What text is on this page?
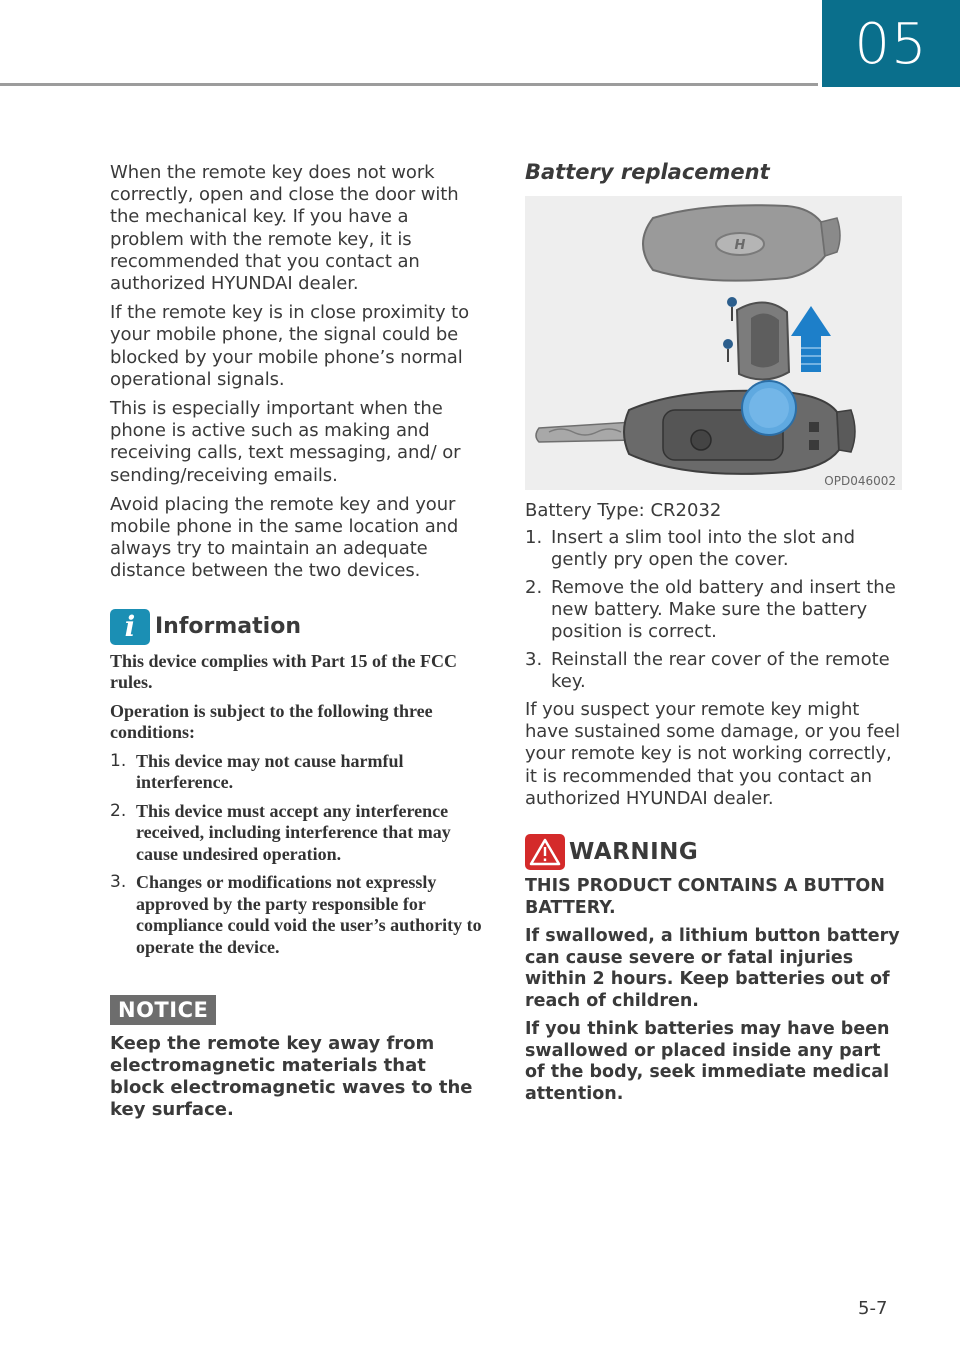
05

When the remote key does not work correctly, open and close the door with the mechanical key. If you have a problem with the remote key, it is recommended that you contact an authorized HYUNDAI dealer.

If the remote key is in close proximity to your mobile phone, the signal could be blocked by your mobile phone’s normal operational signals.

This is especially important when the phone is active such as making and receiving calls, text messaging, and/ or sending/receiving emails.

Avoid placing the remote key and your mobile phone in the same location and always try to maintain an adequate distance between the two devices.

i Information

This device complies with Part 15 of the FCC rules.

Operation is subject to the following three conditions:

1. This device may not cause harmful interference.
2. This device must accept any interference received, including interference that may cause undesired operation.
3. Changes or modifications not expressly approved by the party responsible for compliance could void the user’s authority to operate the device.
NOTICE

Keep the remote key away from electromagnetic materials that block electromagnetic waves to the key surface.

Battery replacement
H
OPD046002

Battery Type: CR2032

1. Insert a slim tool into the slot and gently pry open the cover.
2. Remove the old battery and insert the new battery. Make sure the battery position is correct.
3. Reinstall the rear cover of the remote key.

If you suspect your remote key might have sustained some damage, or you feel your remote key is not working correctly, it is recommended that you contact an authorized HYUNDAI dealer.

WARNING

THIS PRODUCT CONTAINS A BUTTON BATTERY.

If swallowed, a lithium button battery can cause severe or fatal injuries within 2 hours. Keep batteries out of reach of children.

If you think batteries may have been swallowed or placed inside any part of the body, seek immediate medical attention.

5-7
